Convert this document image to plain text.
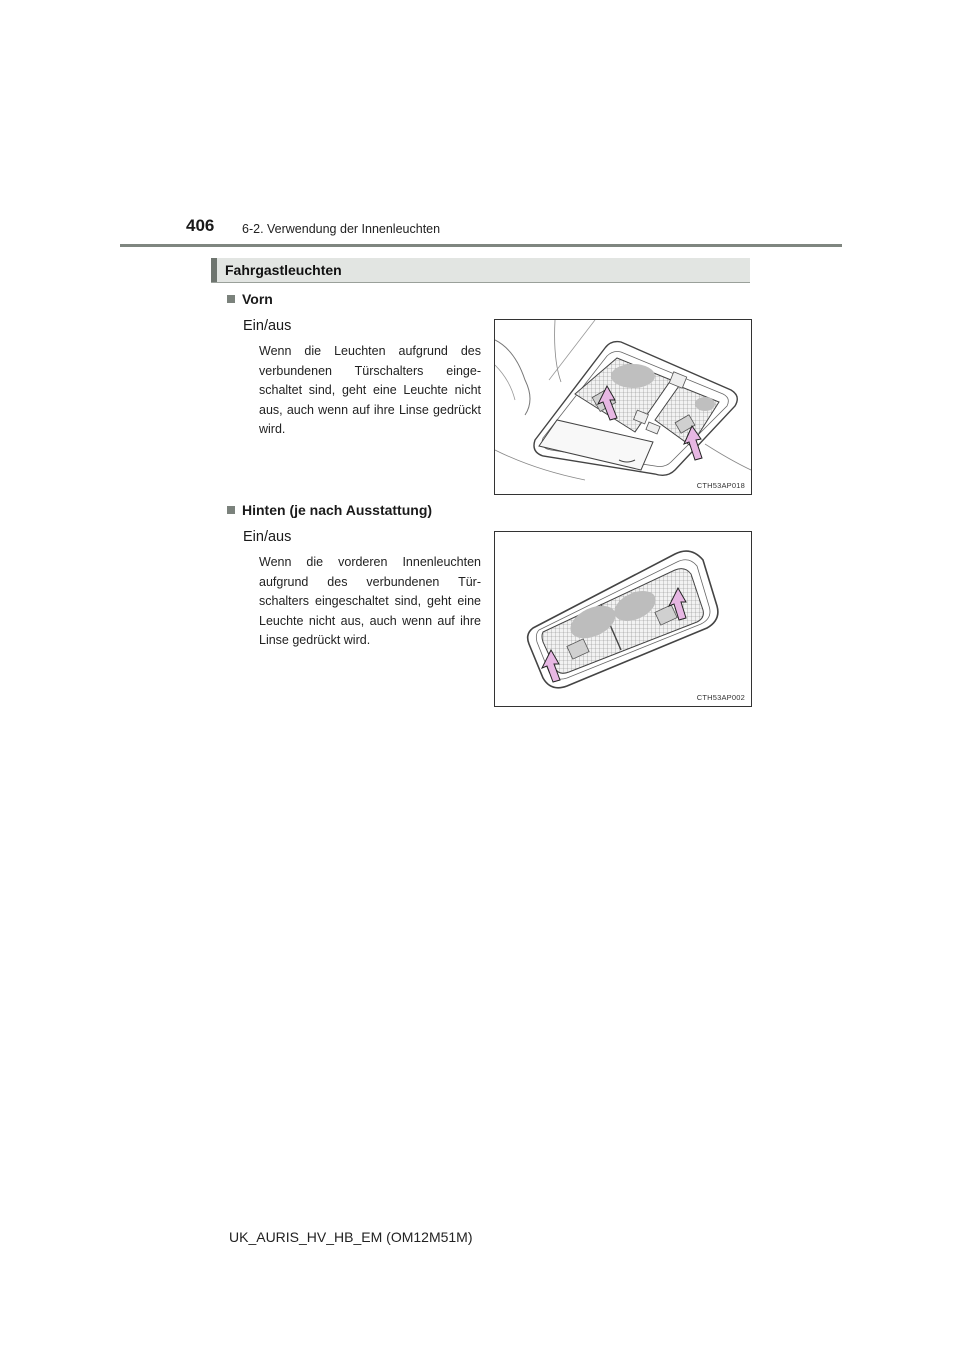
406 6-2. Verwendung der Innenleuchten
Fahrgastleuchten
Vorn
Ein/aus
Wenn die Leuchten aufgrund des verbundenen Türschalters einge-schaltet sind, geht eine Leuchte nicht aus, auch wenn auf ihre Linse gedrückt wird.
CTH53AP018
Hinten (je nach Ausstattung)
Ein/aus
Wenn die vorderen Innenleuchten aufgrund des verbundenen Tür-schalters eingeschaltet sind, geht eine Leuchte nicht aus, auch wenn auf ihre Linse gedrückt wird.
CTH53AP002
UK_AURIS_HV_HB_EM (OM12M51M)
